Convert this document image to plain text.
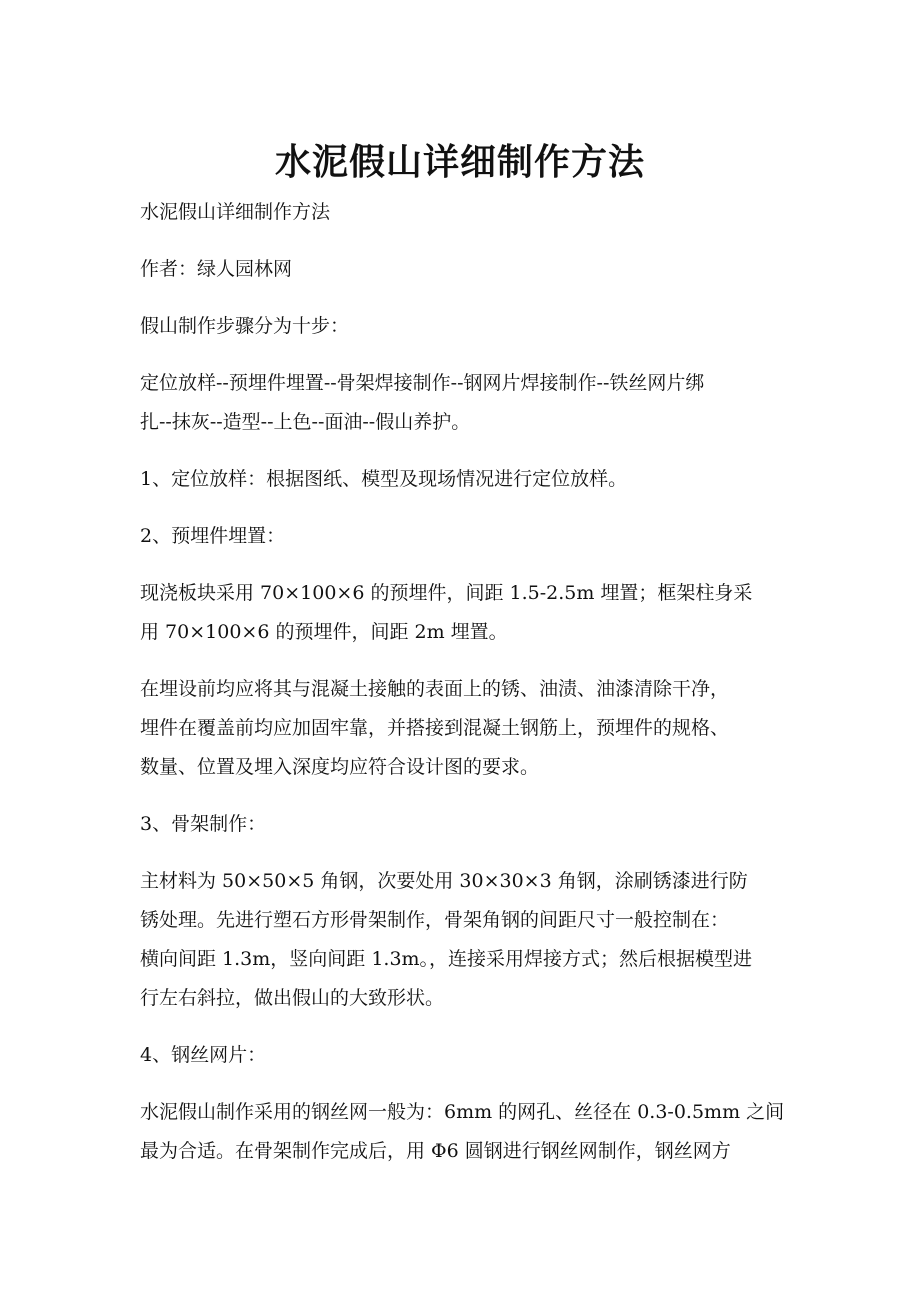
水泥假山详细制作方法

水泥假山详细制作方法

作者：绿人园林网

假山制作步骤分为十步：

定位放样--预埋件埋置--骨架焊接制作--钢网片焊接制作--铁丝网片绑
扎--抹灰--造型--上色--面油--假山养护。

1、定位放样：根据图纸、模型及现场情况进行定位放样。

2、预埋件埋置：

现浇板块采用 70×100×6 的预埋件，间距 1.5-2.5m 埋置；框架柱身采
用 70×100×6 的预埋件，间距 2m 埋置。

在埋设前均应将其与混凝土接触的表面上的锈、油渍、油漆清除干净，
埋件在覆盖前均应加固牢靠，并搭接到混凝土钢筋上，预埋件的规格、
数量、位置及埋入深度均应符合设计图的要求。

3、骨架制作：

主材料为 50×50×5 角钢，次要处用 30×30×3 角钢，涂刷锈漆进行防
锈处理。先进行塑石方形骨架制作，骨架角钢的间距尺寸一般控制在：
横向间距 1.3m，竖向间距 1.3m。，连接采用焊接方式；然后根据模型进
行左右斜拉，做出假山的大致形状。

4、钢丝网片：

水泥假山制作采用的钢丝网一般为：6mm 的网孔、丝径在 0.3-0.5mm 之间
最为合适。在骨架制作完成后，用 Φ6 圆钢进行钢丝网制作，钢丝网方
